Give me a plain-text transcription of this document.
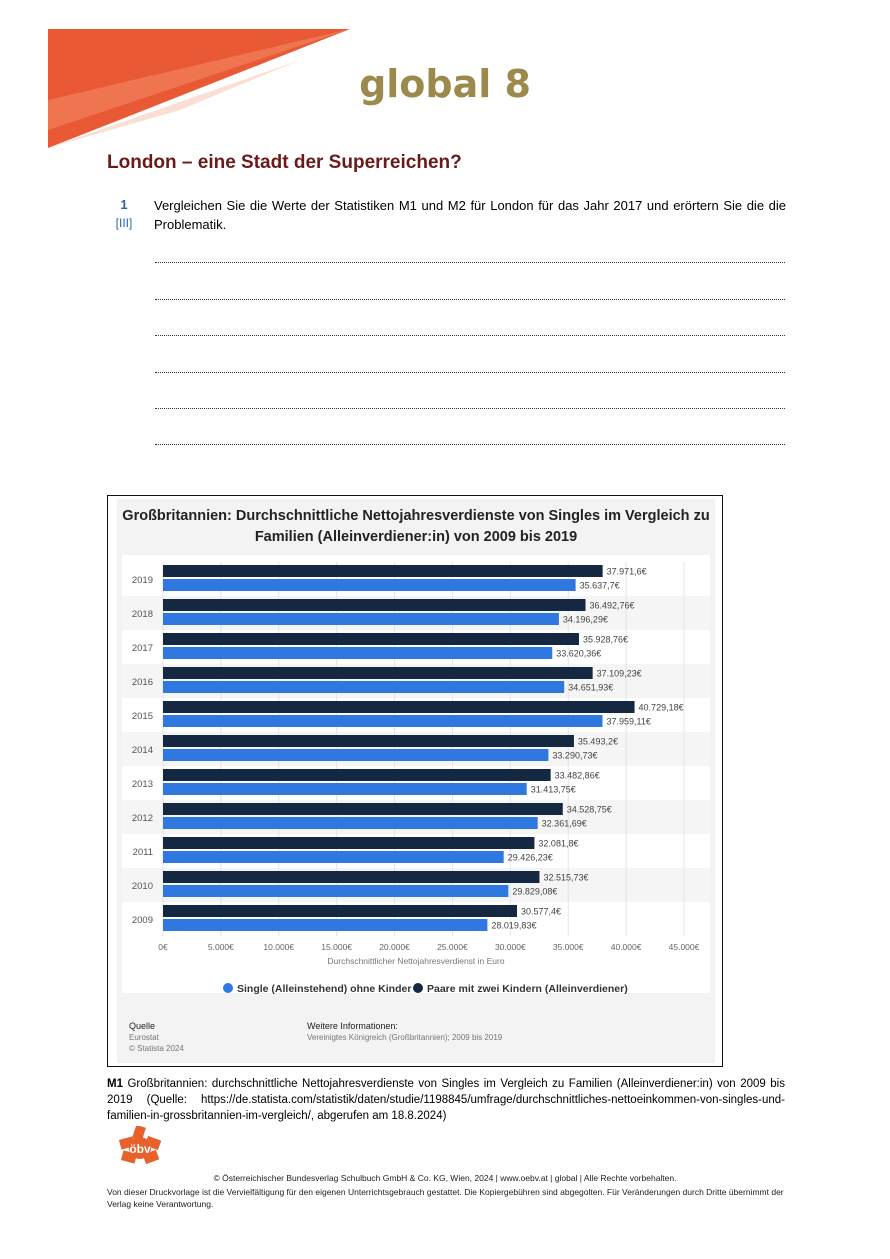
global 8
London – eine Stadt der Superreichen?
1
[III]
Vergleichen Sie die Werte der Statistiken M1 und M2 für London für das Jahr 2017 und erörtern Sie die die Problematik.
Großbritannien: Durchschnittliche Nettojahresverdienste von Singles im Vergleich zu
Familien (Alleinverdiener:in) von 2009 bis 2019
2019
37.971,6€
35.637,7€
2018
36.492,76€
34.196,29€
2017
35.928,76€
33.620,36€
2016
37.109,23€
34.651,93€
2015
40.729,18€
37.959,11€
2014
35.493,2€
33.290,73€
2013
33.482,86€
31.413,75€
2012
34.528,75€
32.361,69€
2011
32.081,8€
29.426,23€
2010
32.515,73€
29.829,08€
2009
30.577,4€
28.019,83€
0€	5.000€	10.000€	15.000€	20.000€	25.000€	30.000€	35.000€	40.000€	45.000€
Durchschnittlicher Nettojahresverdienst in Euro
Single (Alleinstehend) ohne Kinder Paare mit zwei Kindern (Alleinverdiener)
Quelle
Eurostat
© Statista 2024
Weitere Informationen:
Vereinigtes Königreich (Großbritannien); 2009 bis 2019
M1 Großbritannien: durchschnittliche Nettojahresverdienste von Singles im Vergleich zu Familien (Alleinverdiener:in) von 2009 bis 2019 (Quelle: https://de.statista.com/statistik/daten/studie/1198845/umfrage/durchschnittliches-nettoeinkommen-von-singles-und-familien-in-grossbritannien-im-vergleich/, abgerufen am 18.8.2024)
öbv
© Österreichischer Bundesverlag Schulbuch GmbH & Co. KG, Wien, 2024 | www.oebv.at | global | Alle Rechte vorbehalten.
Von dieser Druckvorlage ist die Vervielfältigung für den eigenen Unterrichtsgebrauch gestattet. Die Kopiergebühren sind abgegolten. Für Veränderungen durch Dritte übernimmt der Verlag keine Verantwortung.
